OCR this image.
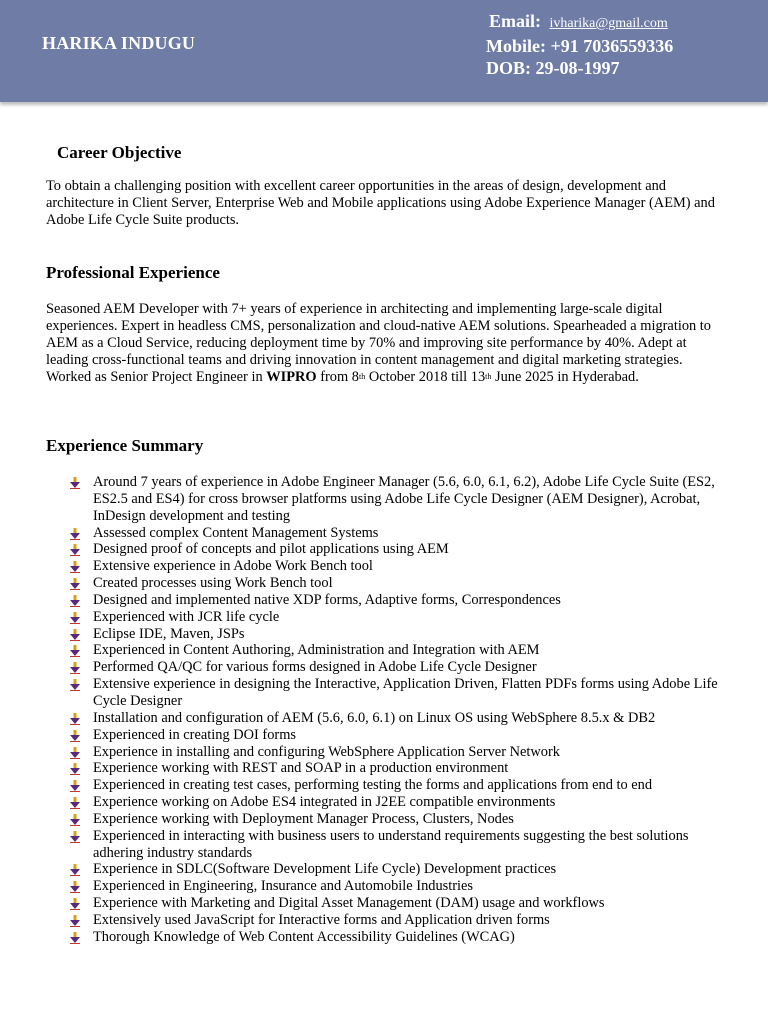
HARIKA INDUGU
Email: ivharika@gmail.com
Mobile: +91 7036559336
DOB: 29-08-1997
Career Objective

To obtain a challenging position with excellent career opportunities in the areas of design, development and architecture in Client Server, Enterprise Web and Mobile applications using Adobe Experience Manager (AEM) and Adobe Life Cycle Suite products.

Professional Experience

Seasoned AEM Developer with 7+ years of experience in architecting and implementing large-scale digital experiences. Expert in headless CMS, personalization and cloud-native AEM solutions. Spearheaded a migration to AEM as a Cloud Service, reducing deployment time by 70% and improving site performance by 40%. Adept at leading cross-functional teams and driving innovation in content management and digital marketing strategies.

Worked as Senior Project Engineer in WIPRO from 8th October 2018 till 13th June 2025 in Hyderabad.

Experience Summary
Around 7 years of experience in Adobe Engineer Manager (5.6, 6.0, 6.1, 6.2), Adobe Life Cycle Suite (ES2, ES2.5 and ES4) for cross browser platforms using Adobe Life Cycle Designer (AEM Designer), Acrobat, InDesign development and testing
Assessed complex Content Management Systems
Designed proof of concepts and pilot applications using AEM
Extensive experience in Adobe Work Bench tool
Created processes using Work Bench tool
Designed and implemented native XDP forms, Adaptive forms, Correspondences
Experienced with JCR life cycle
Eclipse IDE, Maven, JSPs
Experienced in Content Authoring, Administration and Integration with AEM
Performed QA/QC for various forms designed in Adobe Life Cycle Designer
Extensive experience in designing the Interactive, Application Driven, Flatten PDFs forms using Adobe Life Cycle Designer
Installation and configuration of AEM (5.6, 6.0, 6.1) on Linux OS using WebSphere 8.5.x & DB2
Experienced in creating DOI forms
Experience in installing and configuring WebSphere Application Server Network
Experience working with REST and SOAP in a production environment
Experienced in creating test cases, performing testing the forms and applications from end to end
Experience working on Adobe ES4 integrated in J2EE compatible environments
Experience working with Deployment Manager Process, Clusters, Nodes
Experienced in interacting with business users to understand requirements suggesting the best solutions adhering industry standards
Experience in SDLC(Software Development Life Cycle) Development practices
Experienced in Engineering, Insurance and Automobile Industries
Experience with Marketing and Digital Asset Management (DAM) usage and workflows
Extensively used JavaScript for Interactive forms and Application driven forms
Thorough Knowledge of Web Content Accessibility Guidelines (WCAG)
